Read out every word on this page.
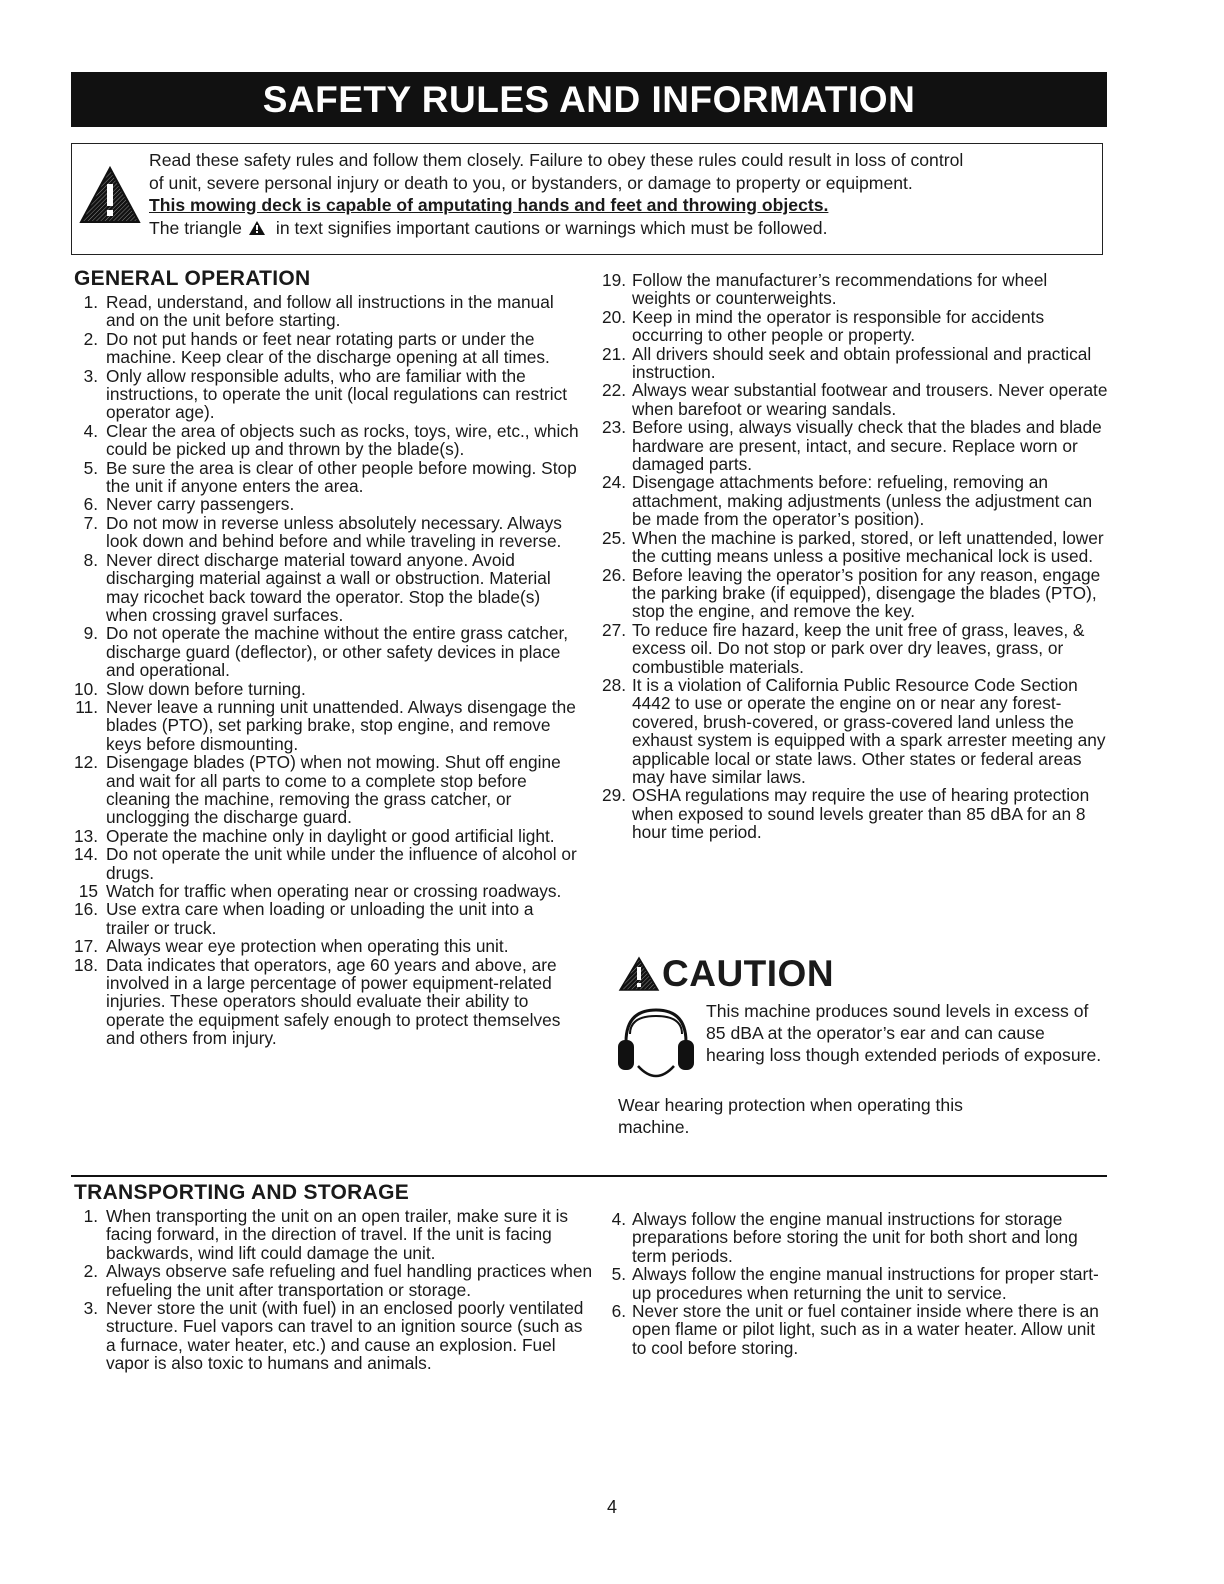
SAFETY RULES AND INFORMATION
Read these safety rules and follow them closely. Failure to obey these rules could result in loss of control
of unit, severe personal injury or death to you, or bystanders, or damage to property or equipment.
This mowing deck is capable of amputating hands and feet and throwing objects.
The triangle in text signifies important cautions or warnings which must be followed.
GENERAL OPERATION
1. Read, understand, and follow all instructions in the manual and on the unit before starting.
2. Do not put hands or feet near rotating parts or under the machine. Keep clear of the discharge opening at all times.
3. Only allow responsible adults, who are familiar with the instructions, to operate the unit (local regulations can restrict operator age).
4. Clear the area of objects such as rocks, toys, wire, etc., which could be picked up and thrown by the blade(s).
5. Be sure the area is clear of other people before mowing. Stop the unit if anyone enters the area.
6. Never carry passengers.
7. Do not mow in reverse unless absolutely necessary. Always look down and behind before and while traveling in reverse.
8. Never direct discharge material toward anyone. Avoid discharging material against a wall or obstruction. Material may ricochet back toward the operator. Stop the blade(s) when crossing gravel surfaces.
9. Do not operate the machine without the entire grass catcher, discharge guard (deflector), or other safety devices in place and operational.
10. Slow down before turning.
11. Never leave a running unit unattended. Always disengage the blades (PTO), set parking brake, stop engine, and remove keys before dismounting.
12. Disengage blades (PTO) when not mowing. Shut off engine and wait for all parts to come to a complete stop before cleaning the machine, removing the grass catcher, or unclogging the discharge guard.
13. Operate the machine only in daylight or good artificial light.
14. Do not operate the unit while under the influence of alcohol or drugs.
15 Watch for traffic when operating near or crossing roadways.
16. Use extra care when loading or unloading the unit into a trailer or truck.
17. Always wear eye protection when operating this unit.
18. Data indicates that operators, age 60 years and above, are involved in a large percentage of power equipment-related injuries. These operators should evaluate their ability to operate the equipment safely enough to protect themselves and others from injury.
19. Follow the manufacturer’s recommendations for wheel weights or counterweights.
20. Keep in mind the operator is responsible for accidents occurring to other people or property.
21. All drivers should seek and obtain professional and practical instruction.
22. Always wear substantial footwear and trousers. Never operate when barefoot or wearing sandals.
23. Before using, always visually check that the blades and blade hardware are present, intact, and secure. Replace worn or damaged parts.
24. Disengage attachments before: refueling, removing an attachment, making adjustments (unless the adjustment can be made from the operator’s position).
25. When the machine is parked, stored, or left unattended, lower the cutting means unless a positive mechanical lock is used.
26. Before leaving the operator’s position for any reason, engage the parking brake (if equipped), disengage the blades (PTO), stop the engine, and remove the key.
27. To reduce fire hazard, keep the unit free of grass, leaves, & excess oil. Do not stop or park over dry leaves, grass, or combustible materials.
28. It is a violation of California Public Resource Code Section 4442 to use or operate the engine on or near any forest-covered, brush-covered, or grass-covered land unless the exhaust system is equipped with a spark arrester meeting any applicable local or state laws. Other states or federal areas may have similar laws.
29. OSHA regulations may require the use of hearing protection when exposed to sound levels greater than 85 dBA for an 8 hour time period.
CAUTION
This machine produces sound levels in excess of 85 dBA at the operator’s ear and can cause hearing loss though extended periods of exposure.
Wear hearing protection when operating this machine.
TRANSPORTING AND STORAGE
1. When transporting the unit on an open trailer, make sure it is facing forward, in the direction of travel. If the unit is facing backwards, wind lift could damage the unit.
2. Always observe safe refueling and fuel handling practices when refueling the unit after transportation or storage.
3. Never store the unit (with fuel) in an enclosed poorly ventilated structure. Fuel vapors can travel to an ignition source (such as a furnace, water heater, etc.) and cause an explosion. Fuel vapor is also toxic to humans and animals.
4. Always follow the engine manual instructions for storage preparations before storing the unit for both short and long term periods.
5. Always follow the engine manual instructions for proper start-up procedures when returning the unit to service.
6. Never store the unit or fuel container inside where there is an open flame or pilot light, such as in a water heater. Allow unit to cool before storing.
4
